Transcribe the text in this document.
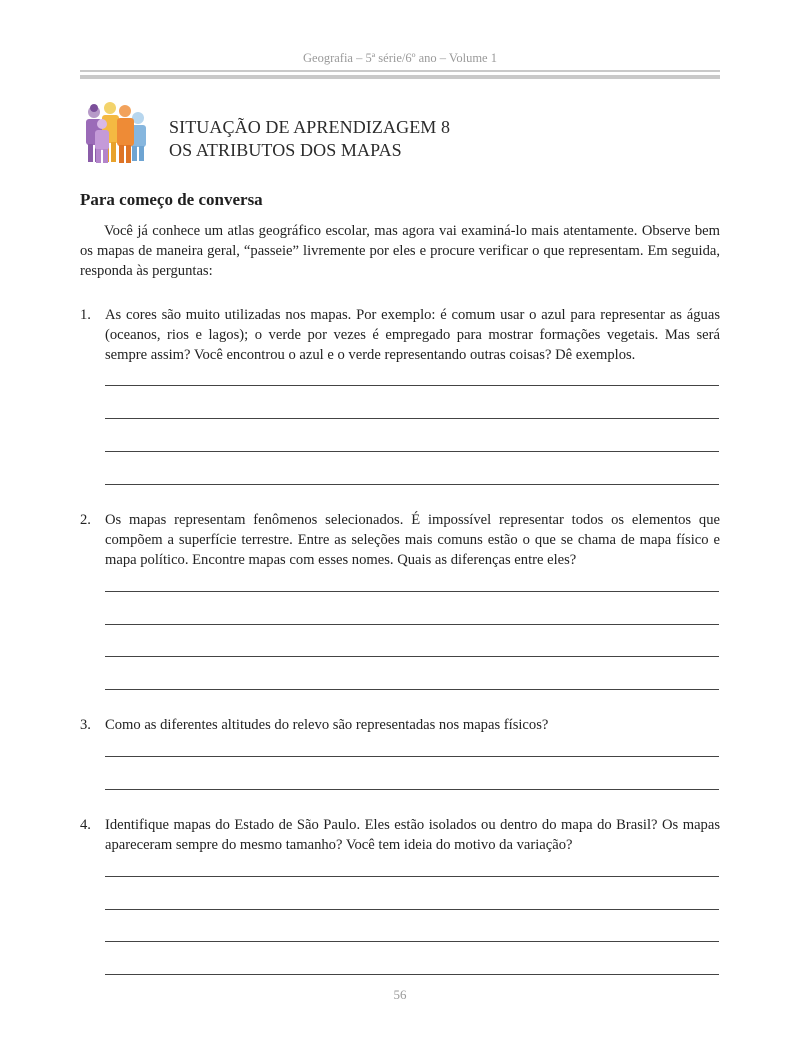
Geografia – 5ª série/6º ano – Volume 1
SITUAÇÃO DE APRENDIZAGEM 8
OS ATRIBUTOS DOS MAPAS
Para começo de conversa
Você já conhece um atlas geográfico escolar, mas agora vai examiná-lo mais atentamente. Observe bem os mapas de maneira geral, “passeie” livremente por eles e procure verificar o que representam. Em seguida, responda às perguntas:
1. As cores são muito utilizadas nos mapas. Por exemplo: é comum usar o azul para representar as águas (oceanos, rios e lagos); o verde por vezes é empregado para mostrar formações vegetais. Mas será sempre assim? Você encontrou o azul e o verde representando outras coisas? Dê exemplos.
2. Os mapas representam fenômenos selecionados. É impossível representar todos os elementos que compõem a superfície terrestre. Entre as seleções mais comuns estão o que se chama de mapa físico e mapa político. Encontre mapas com esses nomes. Quais as diferenças entre eles?
3. Como as diferentes altitudes do relevo são representadas nos mapas físicos?
4. Identifique mapas do Estado de São Paulo. Eles estão isolados ou dentro do mapa do Brasil? Os mapas apareceram sempre do mesmo tamanho? Você tem ideia do motivo da variação?
56
